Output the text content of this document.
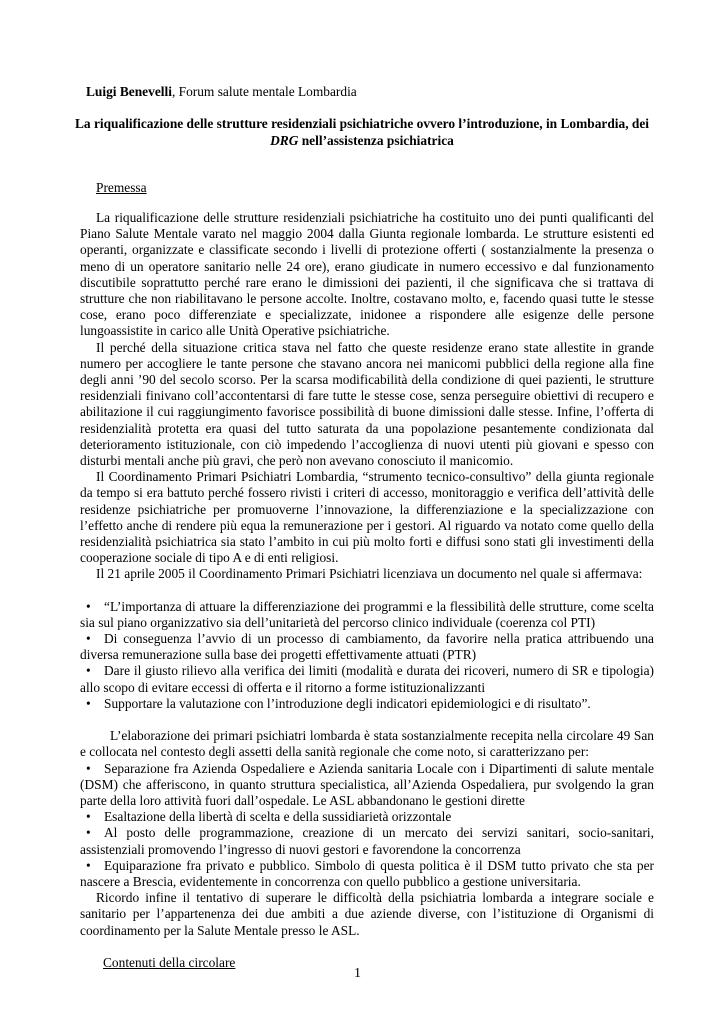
Luigi Benevelli, Forum salute mentale Lombardia
La riqualificazione delle strutture residenziali psichiatriche ovvero l’introduzione, in Lombardia, dei
DRG nell’assistenza psichiatrica
Premessa

La riqualificazione delle strutture residenziali psichiatriche ha costituito uno dei punti qualificanti del Piano Salute Mentale varato nel maggio 2004 dalla Giunta regionale lombarda. Le strutture esistenti ed operanti, organizzate e classificate secondo i livelli di protezione offerti ( sostanzialmente la presenza o meno di un operatore sanitario nelle 24 ore), erano giudicate in numero eccessivo e dal funzionamento discutibile soprattutto perché rare erano le dimissioni dei pazienti, il che significava che si trattava di strutture che non riabilitavano le persone accolte. Inoltre, costavano molto, e, facendo quasi tutte le stesse cose, erano poco differenziate e specializzate, inidonee a rispondere alle esigenze delle persone lungoassistite in carico alle Unità Operative psichiatriche.

Il perché della situazione critica stava nel fatto che queste residenze erano state allestite in grande numero per accogliere le tante persone che stavano ancora nei manicomi pubblici della regione alla fine degli anni ’90 del secolo scorso. Per la scarsa modificabilità della condizione di quei pazienti, le strutture residenziali finivano coll’accontentarsi di fare tutte le stesse cose, senza perseguire obiettivi di recupero e abilitazione il cui raggiungimento favorisce possibilità di buone dimissioni dalle stesse. Infine, l’offerta di residenzialità protetta era quasi del tutto saturata da una popolazione pesantemente condizionata dal deterioramento istituzionale, con ciò impedendo l’accoglienza di nuovi utenti più giovani e spesso con disturbi mentali anche più gravi, che però non avevano conosciuto il manicomio.

Il Coordinamento Primari Psichiatri Lombardia, “strumento tecnico-consultivo” della giunta regionale da tempo si era battuto perché fossero rivisti i criteri di accesso, monitoraggio e verifica dell’attività delle residenze psichiatriche per promuoverne l’innovazione, la differenziazione e la specializzazione con l’effetto anche di rendere più equa la remunerazione per i gestori. Al riguardo va notato come quello della residenzialità psichiatrica sia stato l’ambito in cui più molto forti e diffusi sono stati gli investimenti della cooperazione sociale di tipo A e di enti religiosi.

Il 21 aprile 2005 il Coordinamento Primari Psichiatri licenziava un documento nel quale si affermava:

• “L’importanza di attuare la differenziazione dei programmi e la flessibilità delle strutture, come scelta sia sul piano organizzativo sia dell’unitarietà del percorso clinico individuale (coerenza col PTI)
• Di conseguenza l’avvio di un processo di cambiamento, da favorire nella pratica attribuendo una diversa remunerazione sulla base dei progetti effettivamente attuati (PTR)
• Dare il giusto rilievo alla verifica dei limiti (modalità e durata dei ricoveri, numero di SR e tipologia) allo scopo di evitare eccessi di offerta e il ritorno a forme istituzionalizzanti
• Supportare la valutazione con l’introduzione degli indicatori epidemiologici e di risultato”.

L’elaborazione dei primari psichiatri lombarda è stata sostanzialmente recepita nella circolare 49 San e collocata nel contesto degli assetti della sanità regionale che come noto, si caratterizzano per:

• Separazione fra Azienda Ospedaliere e Azienda sanitaria Locale con i Dipartimenti di salute mentale (DSM) che afferiscono, in quanto struttura specialistica, all’Azienda Ospedaliera, pur svolgendo la gran parte della loro attività fuori dall’ospedale. Le ASL abbandonano le gestioni dirette
• Esaltazione della libertà di scelta e della sussidiarietà orizzontale
• Al posto delle programmazione, creazione di un mercato dei servizi sanitari, socio-sanitari, assistenziali promovendo l’ingresso di nuovi gestori e favorendone la concorrenza
• Equiparazione fra privato e pubblico. Simbolo di questa politica è il DSM tutto privato che sta per nascere a Brescia, evidentemente in concorrenza con quello pubblico a gestione universitaria.

Ricordo infine il tentativo di superare le difficoltà della psichiatria lombarda a integrare sociale e sanitario per l’appartenenza dei due ambiti a due aziende diverse, con l’istituzione di Organismi di coordinamento per la Salute Mentale presso le ASL.

Contenuti della circolare

1
